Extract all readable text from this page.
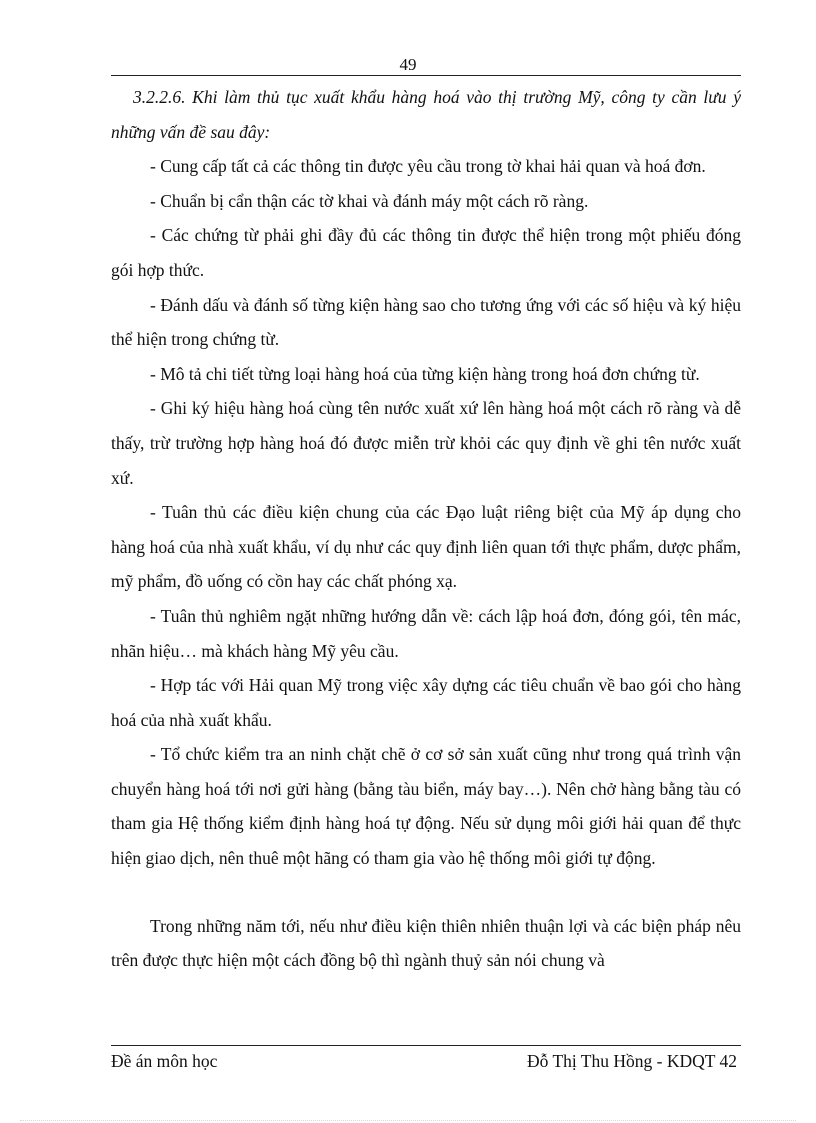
49

3.2.2.6. Khi làm thủ tục xuất khẩu hàng hoá vào thị trường Mỹ, công ty cần lưu ý những vấn đề sau đây:

- Cung cấp tất cả các thông tin được yêu cầu trong tờ khai hải quan và hoá đơn.

- Chuẩn bị cẩn thận các tờ khai và đánh máy một cách rõ ràng.

- Các chứng từ phải ghi đầy đủ các thông tin được thể hiện trong một phiếu đóng gói hợp thức.

- Đánh dấu và đánh số từng kiện hàng sao cho tương ứng với các số hiệu và ký hiệu thể hiện trong chứng từ.

- Mô tả chi tiết từng loại hàng hoá của từng kiện hàng trong hoá đơn chứng từ.

- Ghi ký hiệu hàng hoá cùng tên nước xuất xứ lên hàng hoá một cách rõ ràng và dễ thấy, trừ trường hợp hàng hoá đó được miễn trừ khỏi các quy định về ghi tên nước xuất xứ.

- Tuân thủ các điều kiện chung của các Đạo luật riêng biệt của Mỹ áp dụng cho hàng hoá của nhà xuất khẩu, ví dụ như các quy định liên quan tới thực phẩm, dược phẩm, mỹ phẩm, đồ uống có cồn hay các chất phóng xạ.

- Tuân thủ nghiêm ngặt những hướng dẫn về: cách lập hoá đơn, đóng gói, tên mác, nhãn hiệu… mà khách hàng Mỹ yêu cầu.

- Hợp tác với Hải quan Mỹ trong việc xây dựng các tiêu chuẩn về bao gói cho hàng hoá của nhà xuất khẩu.

- Tổ chức kiểm tra an ninh chặt chẽ ở cơ sở sản xuất cũng như trong quá trình vận chuyển hàng hoá tới nơi gửi hàng (bằng tàu biển, máy bay…). Nên chở hàng bằng tàu có tham gia Hệ thống kiểm định hàng hoá tự động. Nếu sử dụng môi giới hải quan để thực hiện giao dịch, nên thuê một hãng có tham gia vào hệ thống môi giới tự động.

Trong những năm tới, nếu như điều kiện thiên nhiên thuận lợi và các biện pháp nêu trên được thực hiện một cách đồng bộ thì ngành thuỷ sản nói chung và

Đề án môn học	Đỗ Thị Thu Hồng - KDQT 42
